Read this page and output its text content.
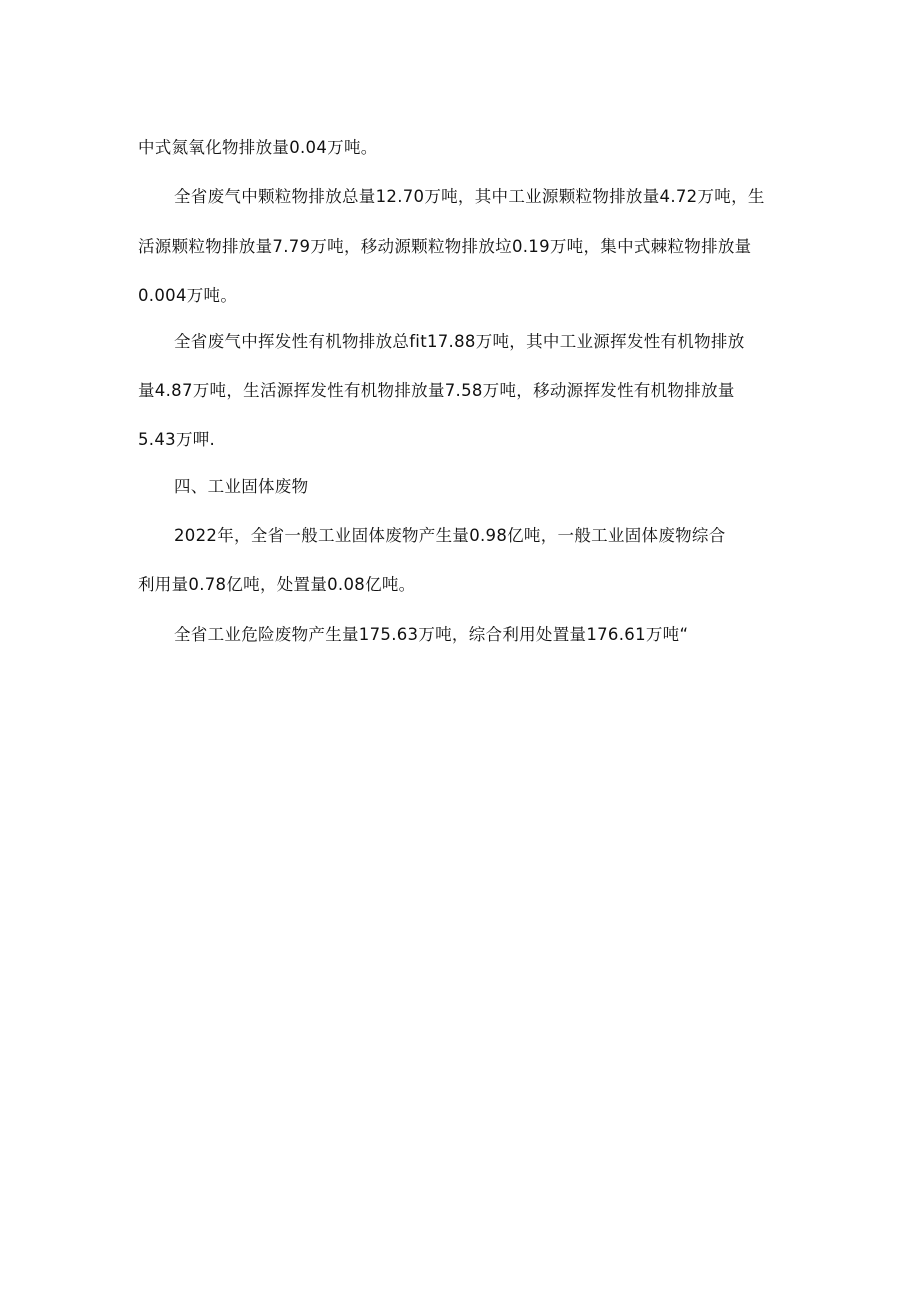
中式氮氧化物排放量0.04万吨。
全省废气中颗粒物排放总量12.70万吨，其中工业源颗粒物排放量4.72万吨，生
活源颗粒物排放量7.79万吨，移动源颗粒物排放垃0.19万吨，集中式棘粒物排放量
0.004万吨。
全省废气中挥发性有机物排放总fit17.88万吨，其中工业源挥发性有机物排放
量4.87万吨，生活源挥发性有机物排放量7.58万吨，移动源挥发性有机物排放量
5.43万呷.
四、工业固体废物
2022年，全省一般工业固体废物产生量0.98亿吨，一般工业固体废物综合
利用量0.78亿吨，处置量0.08亿吨。
全省工业危险废物产生量175.63万吨，综合利用处置量176.61万吨“
